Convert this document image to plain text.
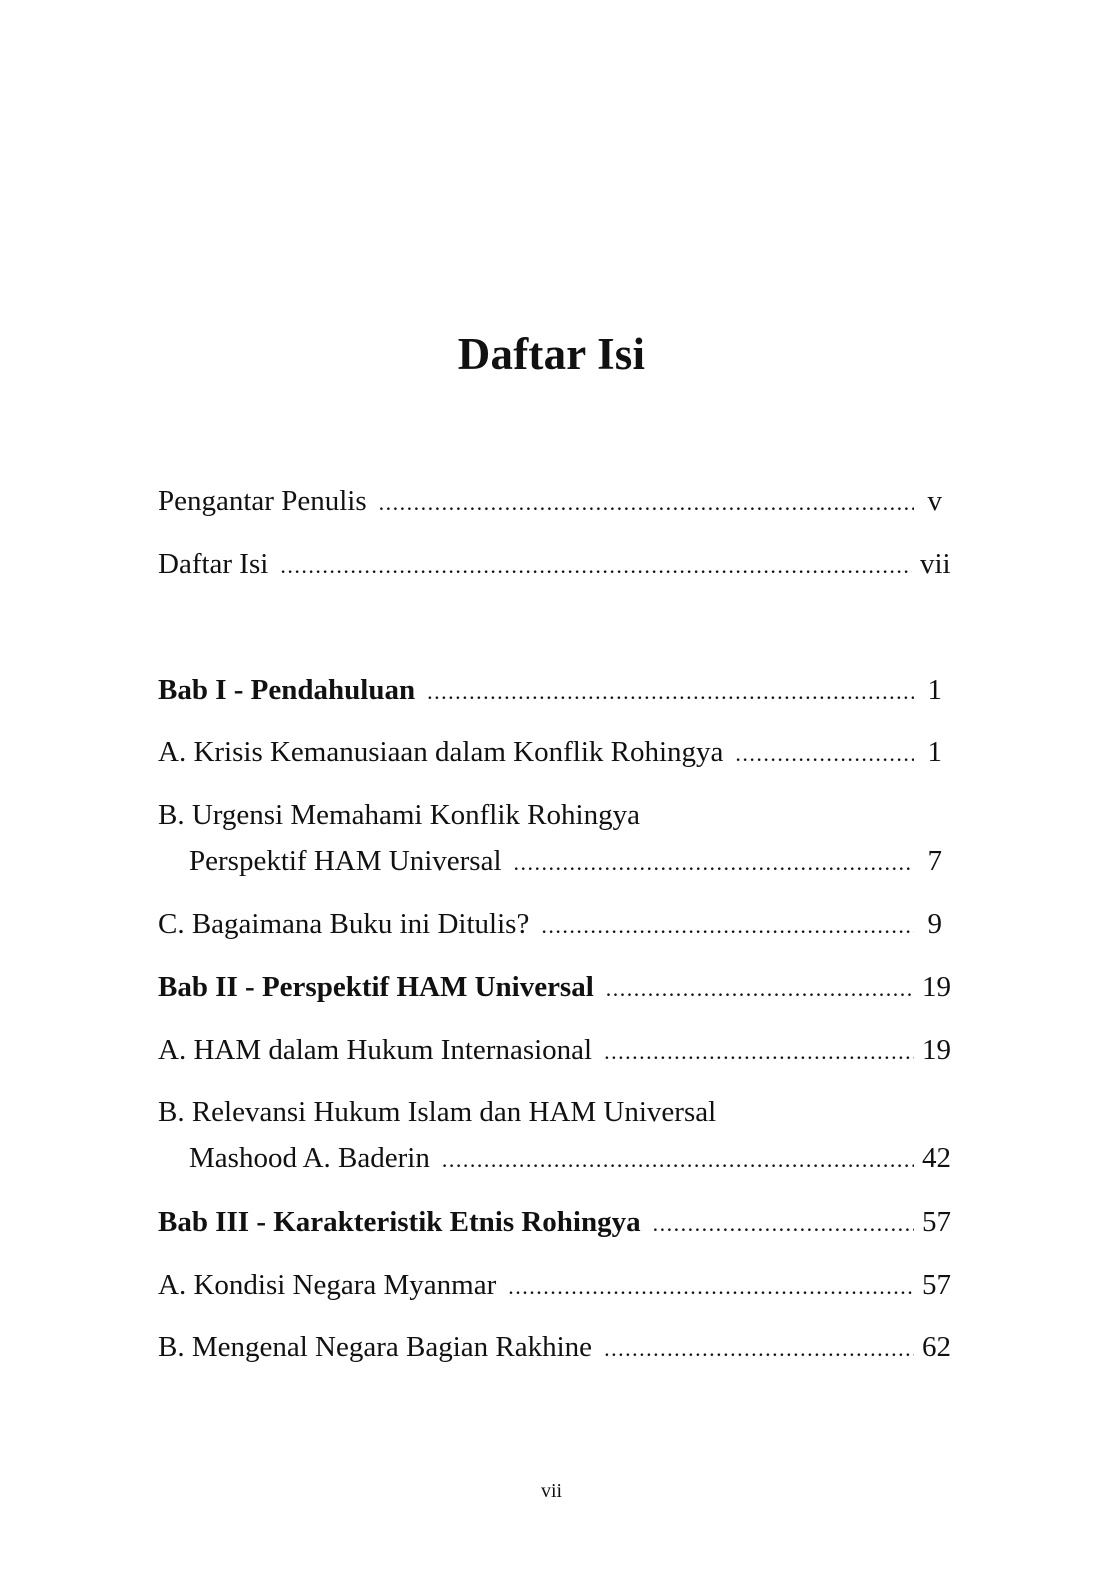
Daftar Isi
Pengantar Penulis . . .	v
Daftar Isi . . .	vii
Bab I - Pendahuluan . . .	1
A. Krisis Kemanusiaan dalam Konflik Rohingya . . .	1
B. Urgensi Memahami Konflik Rohingya
Perspektif HAM Universal . . .	7
C. Bagaimana Buku ini Ditulis? . . .	9
Bab II - Perspektif HAM Universal . . .	19
A. HAM dalam Hukum Internasional . . .	19
B. Relevansi Hukum Islam dan HAM Universal
Mashood A. Baderin . . .	42
Bab III - Karakteristik Etnis Rohingya . . .	57
A. Kondisi Negara Myanmar . . .	57
B. Mengenal Negara Bagian Rakhine . . .	62
vii
